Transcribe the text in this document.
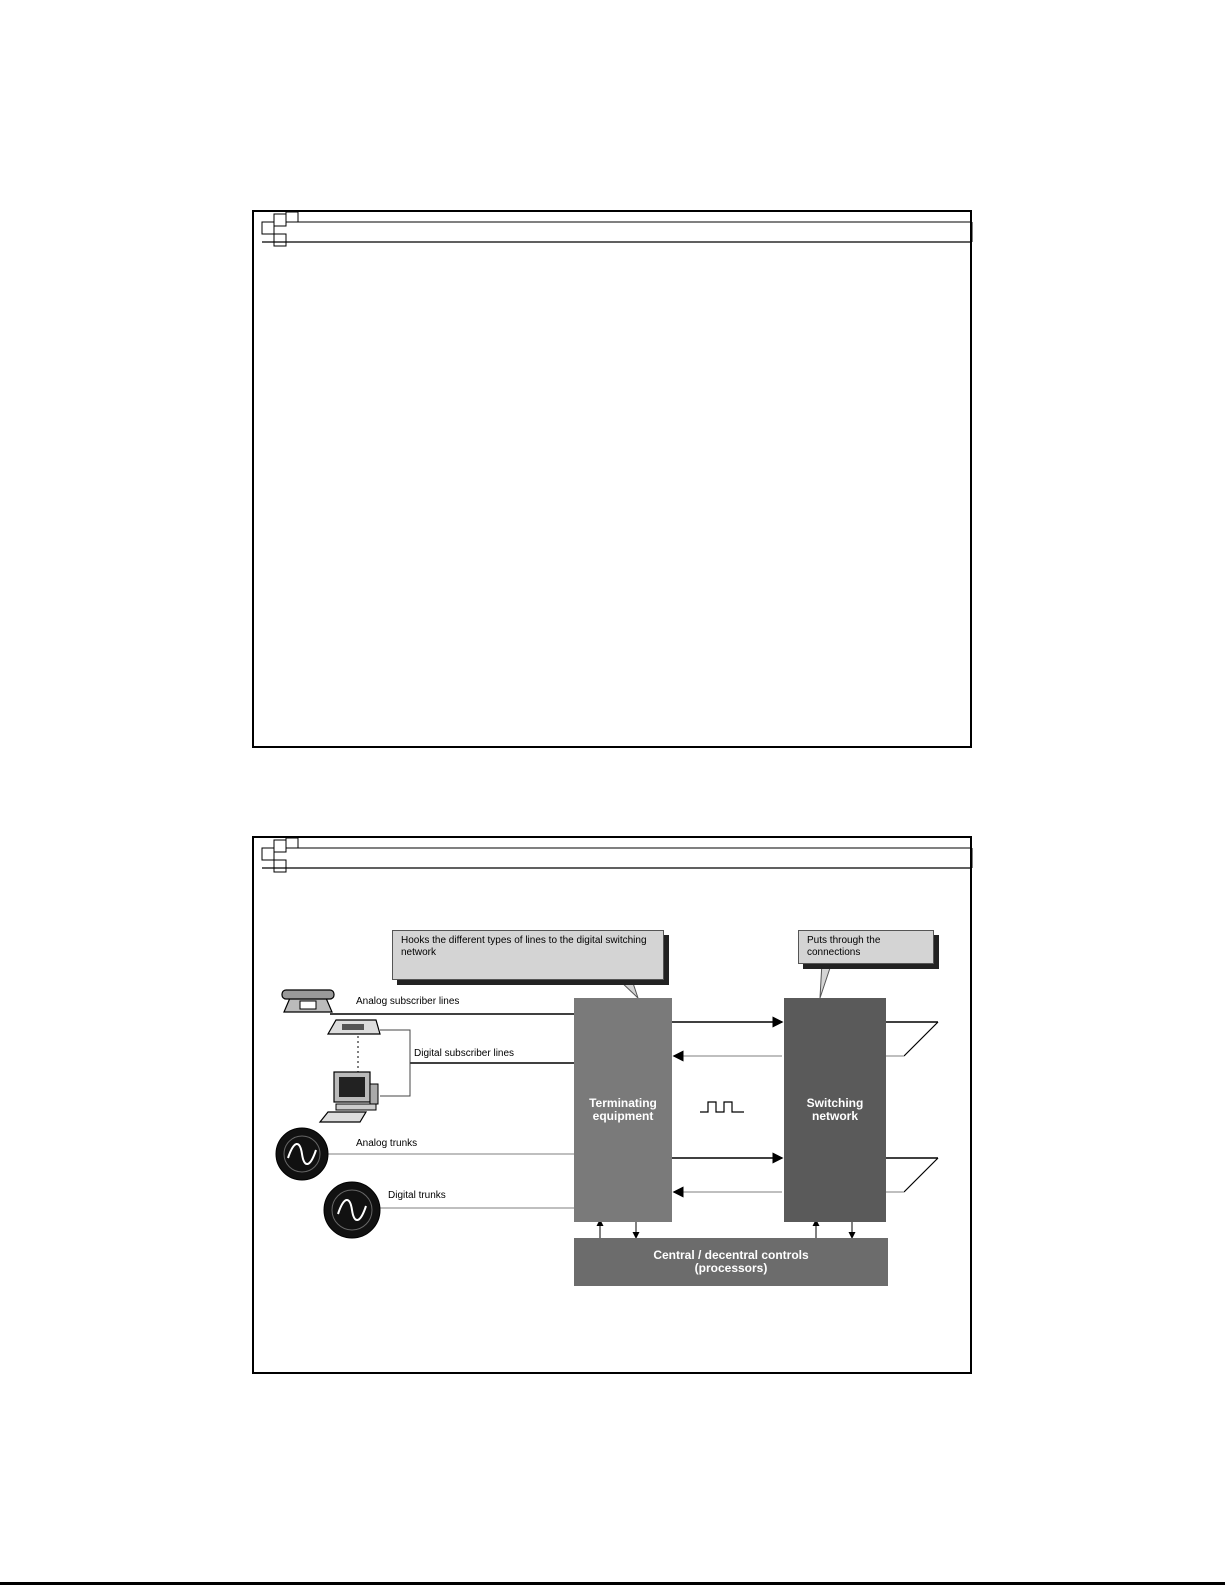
Terminating
equipment
Switching
network
Central / decentral controls
(processors)
Hooks the different types of lines to the digital switching network
Puts through the connections
Analog subscriber lines
Digital subscriber lines
Analog trunks
Digital trunks
